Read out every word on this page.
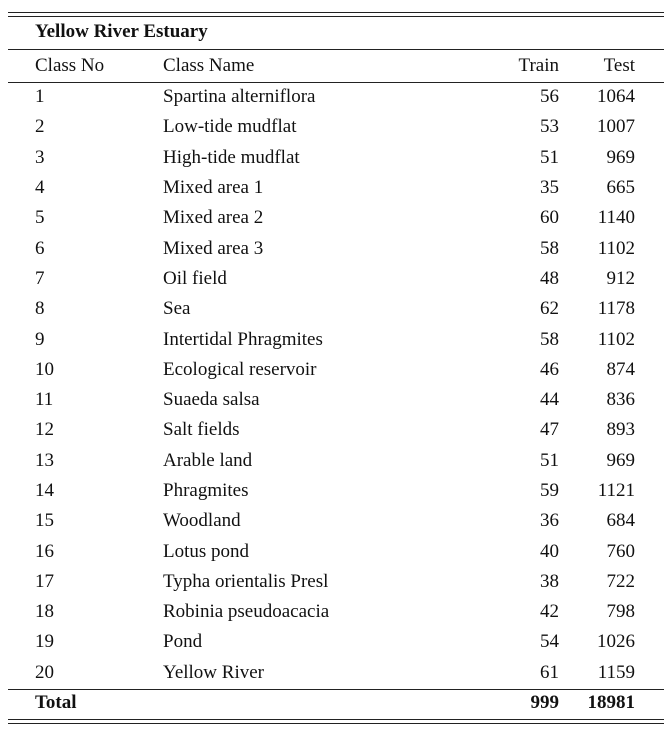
Yellow River Estuary
Class No	Class Name	Train	Test
1	Spartina alterniflora	56	1064
2	Low-tide mudflat	53	1007
3	High-tide mudflat	51	969
4	Mixed area 1	35	665
5	Mixed area 2	60	1140
6	Mixed area 3	58	1102
7	Oil field	48	912
8	Sea	62	1178
9	Intertidal Phragmites	58	1102
10	Ecological reservoir	46	874
11	Suaeda salsa	44	836
12	Salt fields	47	893
13	Arable land	51	969
14	Phragmites	59	1121
15	Woodland	36	684
16	Lotus pond	40	760
17	Typha orientalis Presl	38	722
18	Robinia pseudoacacia	42	798
19	Pond	54	1026
20	Yellow River	61	1159
Total		999	18981
